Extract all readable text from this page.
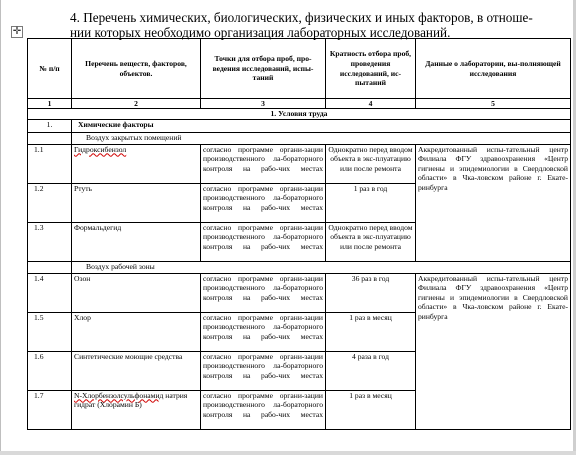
4. Перечень химических, биологических, физических и иных факторов, в отноше-

нии которых необходимо организация лабораторных исследований.

✛
№ п/п	Перечень веществ, факторов, объектов.	Точки для отбора проб, про-ведения исследований, испы-таний	Кратность отбора проб, проведения исследований, ис-пытаний	Данные о лаборатории, вы-полняющей исследования
1	2	3	4	5
1. Условия труда				
1.	Химические факторы			
	Воздух закрытых помещений			
1.1	Гидроксибензол	согласно программе органи-зации производственного ла-бораторного контроля на рабо-чих местах	Однократно перед вводом объекта в экс-плуатацию или после ремонта	Аккредитованный испы-тательный центр Филиала ФГУ здравоохранения «Центр гигиены и эпидемиологии в Свердловской области» в Чка-ловском районе г. Екате-ринбурга
1.2	Ртуть	согласно программе органи-зации производственного ла-бораторного контроля на рабо-чих местах	1 раз в год	
1.3	Формальдегид	согласно программе органи-зации производственного ла-бораторного контроля на рабо-чих местах	Однократно перед вводом объекта в экс-плуатацию или после ремонта	
	Воздух рабочей зоны			
1.4	Озон	согласно программе органи-зации производственного ла-бораторного контроля на рабо-чих местах	36 раз в год	Аккредитованный испы-тательный центр Филиала ФГУ здравоохранения «Центр гигиены и эпидемиологии в Свердловской области» в Чка-ловском районе г. Екате-ринбурга
1.5	Хлор	согласно программе органи-зации производственного ла-бораторного контроля на рабо-чих местах	1 раз в месяц	
1.6	Синтетические моющие средства	согласно программе органи-зации производственного ла-бораторного контроля на рабо-чих местах	4 раза в год	
1.7	N-Хлорбензолсульфонамид натрия гидрат (Хлорамин Б)	согласно программе органи-зации производственного ла-бораторного контроля на рабо-чих местах	1 раз в месяц	
